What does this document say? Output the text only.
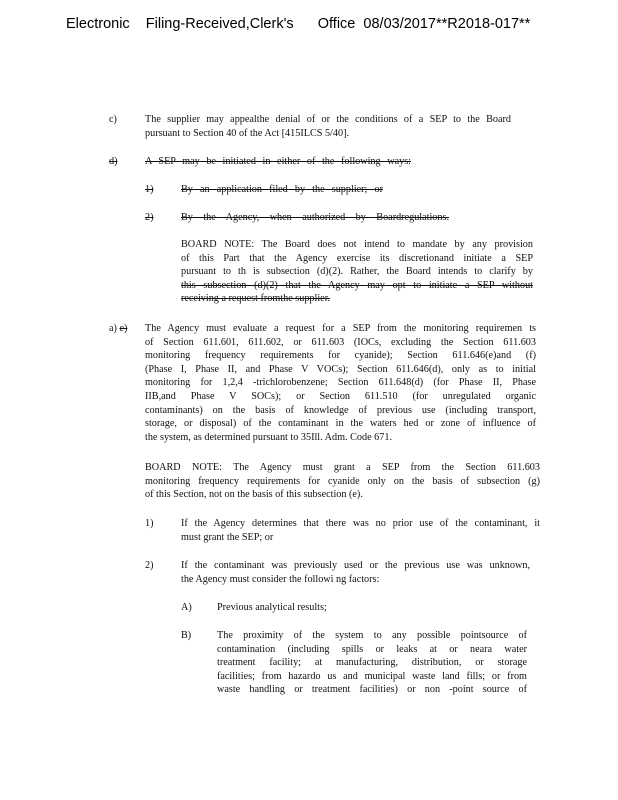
Electronic    Filing-Received,Clerk's      Office  08/03/2017**R2018-017**
c)	The supplier may appealthe denial of or the conditions of a SEP to the Board
pursuant to Section 40 of the Act [415ILCS 5/40].
d)	A SEP may be initiated in either of the following ways:
1)	By an application filed by the supplier; or
2)	By the Agency, when authorized by Boardregulations.
BOARD NOTE: The Board does not intend to mandate by any provision
of this Part that the Agency exercise its discretionand initiate a SEP
pursuant to th is subsection (d)(2). Rather, the Board intends to clarify by
this subsection (d)(2) that the Agency may opt to initiate a SEP without
receiving a request fromthe supplier.
a) e) The Agency must evaluate a request for a SEP from the monitoring requiremen ts
of Section 611.601, 611.602, or 611.603 (IOCs, excluding the Section 611.603
monitoring frequency requirements for cyanide); Section 611.646(e)and (f)
(Phase I, Phase II, and Phase V VOCs); Section 611.646(d), only as to initial
monitoring for 1,2,4 -trichlorobenzene; Section 611.648(d) (for Phase II, Phase
IIB,and Phase V SOCs); or Section 611.510 (for unregulated organic
contaminants) on the basis of knowledge of previous use (including transport,
storage, or disposal) of the contaminant in the waters hed or zone of influence of
the system, as determined pursuant to 35Ill. Adm. Code 671.
BOARD NOTE: The Agency must grant a SEP from the Section 611.603
monitoring frequency requirements for cyanide only on the basis of subsection (g)
of this Section, not on the basis of this subsection (e).
1)	If the Agency determines that there was no prior use of the contaminant, it
must grant the SEP; or
2)	If the contaminant was previously used or the previous use was unknown,
the Agency must consider the followi ng factors:
A) Previous analytical results;
B)	The proximity of the system to any possible pointsource of
contamination (including spills or leaks at or neara water
treatment facility; at manufacturing, distribution, or storage
facilities; from hazardo us and municipal waste land fills; or from
waste handling or treatment facilities) or non -point source of
